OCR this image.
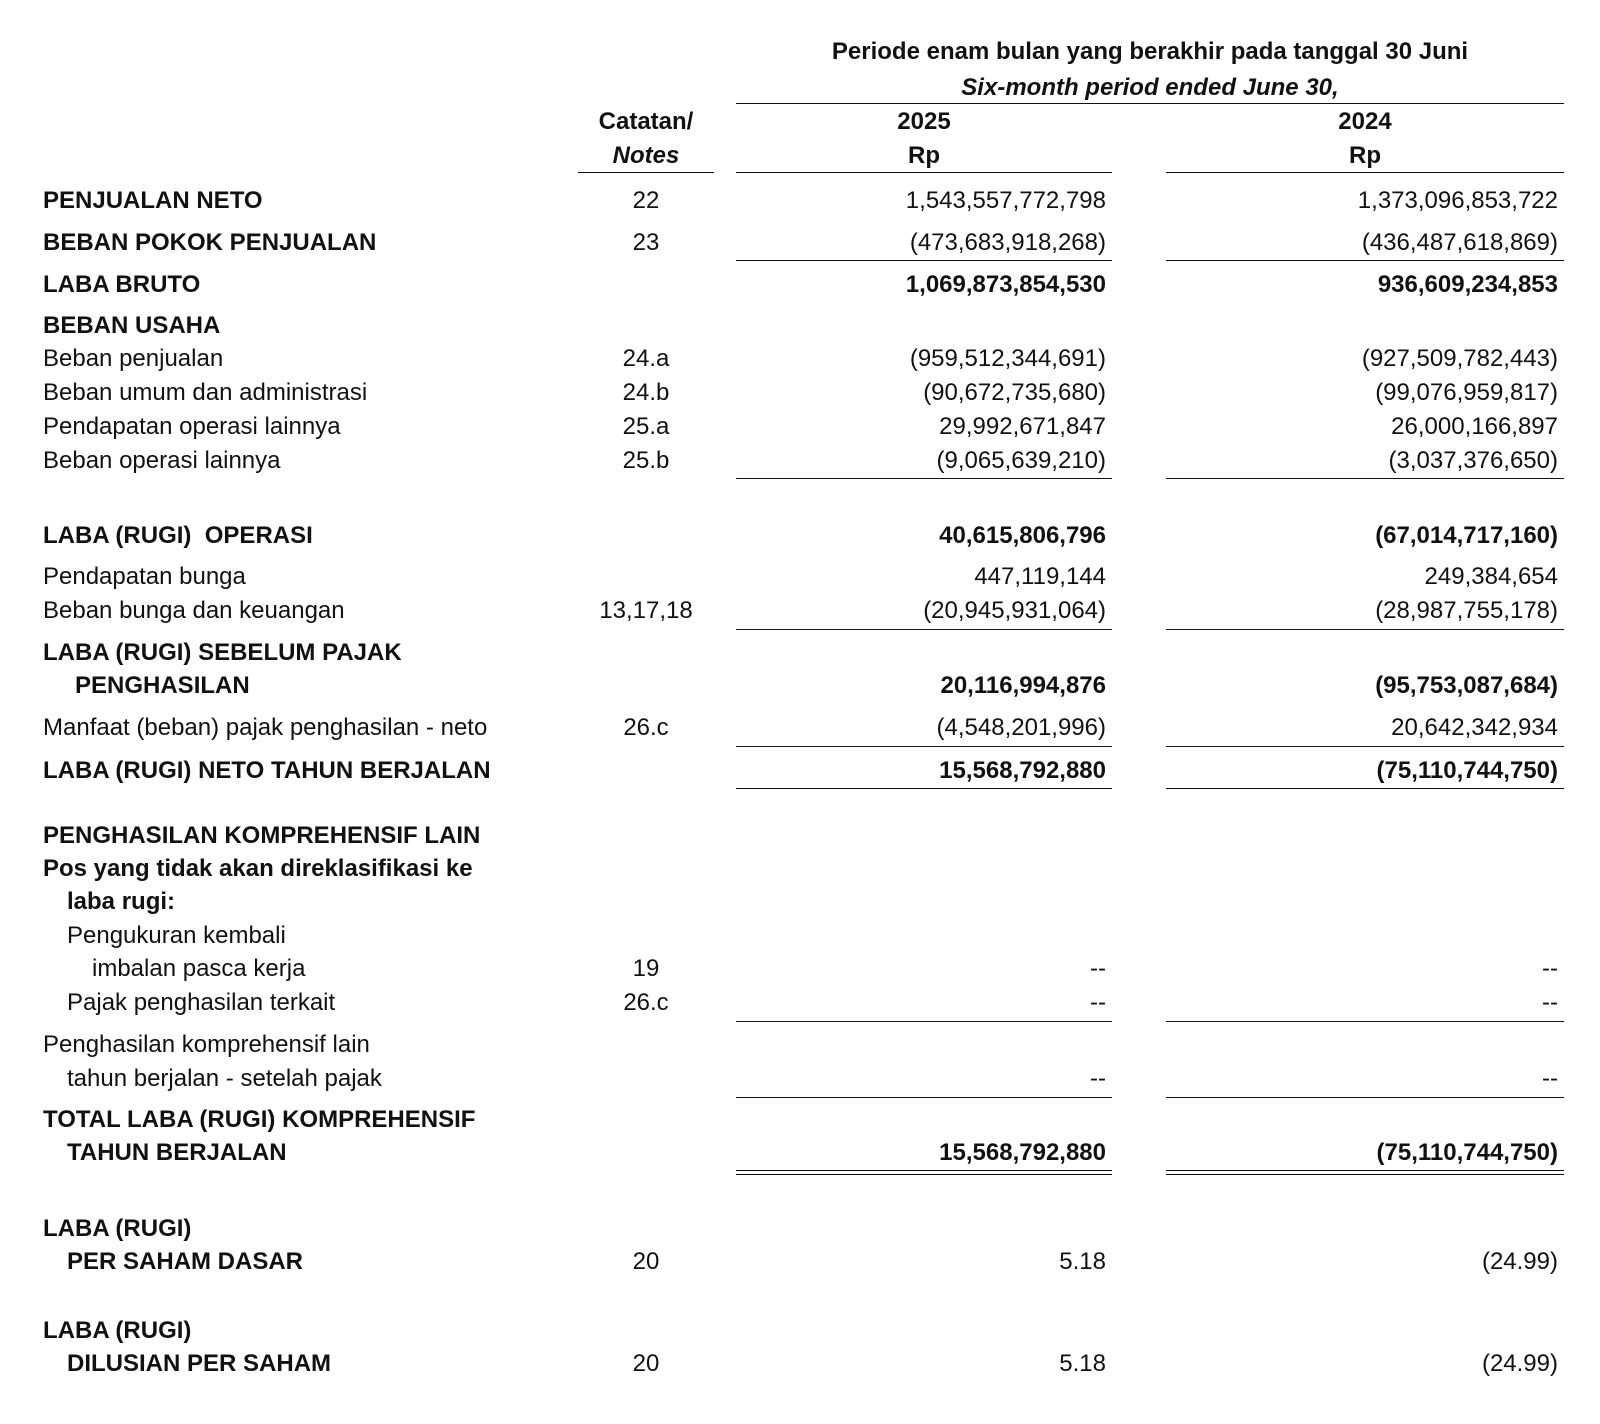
Periode enam bulan yang berakhir pada tanggal 30 Juni
Six-month period ended June 30,
Catatan/
Notes
2025
Rp
2024
Rp
PENJUALAN NETO	22	1,543,557,772,798	1,373,096,853,722
BEBAN POKOK PENJUALAN	23	(473,683,918,268)	(436,487,618,869)
LABA BRUTO	1,069,873,854,530	936,609,234,853
BEBAN USAHA
Beban penjualan	24.a	(959,512,344,691)	(927,509,782,443)
Beban umum dan administrasi	24.b	(90,672,735,680)	(99,076,959,817)
Pendapatan operasi lainnya	25.a	29,992,671,847	26,000,166,897
Beban operasi lainnya	25.b	(9,065,639,210)	(3,037,376,650)
LABA (RUGI)  OPERASI	40,615,806,796	(67,014,717,160)
Pendapatan bunga	447,119,144	249,384,654
Beban bunga dan keuangan	13,17,18	(20,945,931,064)	(28,987,755,178)
LABA (RUGI) SEBELUM PAJAK
PENGHASILAN	20,116,994,876	(95,753,087,684)
Manfaat (beban) pajak penghasilan - neto	26.c	(4,548,201,996)	20,642,342,934
LABA (RUGI) NETO TAHUN BERJALAN	15,568,792,880	(75,110,744,750)
PENGHASILAN KOMPREHENSIF LAIN
Pos yang tidak akan direklasifikasi ke
laba rugi:
Pengukuran kembali
imbalan pasca kerja	19	--	--
Pajak penghasilan terkait	26.c	--	--
Penghasilan komprehensif lain
tahun berjalan - setelah pajak	--	--
TOTAL LABA (RUGI) KOMPREHENSIF
TAHUN BERJALAN	15,568,792,880	(75,110,744,750)
LABA (RUGI)
PER SAHAM DASAR	20	5.18	(24.99)
LABA (RUGI)
DILUSIAN PER SAHAM	20	5.18	(24.99)
